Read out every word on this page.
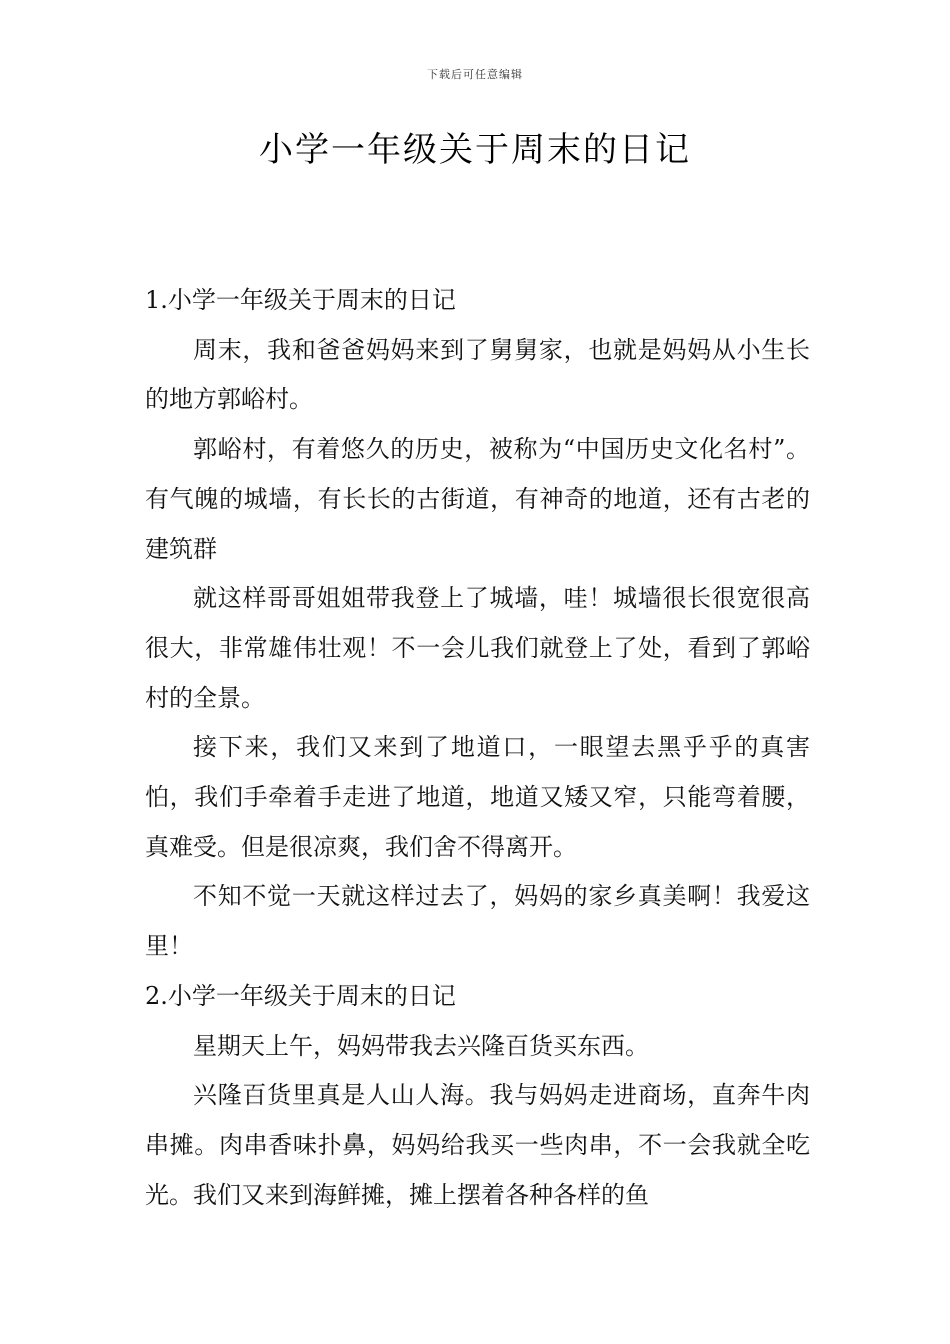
下载后可任意编辑
小学一年级关于周末的日记

1.小学一年级关于周末的日记

周末，我和爸爸妈妈来到了舅舅家，也就是妈妈从小生长的地方郭峪村。

郭峪村，有着悠久的历史，被称为“中国历史文化名村”。有气魄的城墙，有长长的古街道，有神奇的地道，还有古老的建筑群

就这样哥哥姐姐带我登上了城墙，哇！城墙很长很宽很高很大，非常雄伟壮观！不一会儿我们就登上了处，看到了郭峪村的全景。

接下来，我们又来到了地道口，一眼望去黑乎乎的真害怕，我们手牵着手走进了地道，地道又矮又窄，只能弯着腰，真难受。但是很凉爽，我们舍不得离开。

不知不觉一天就这样过去了，妈妈的家乡真美啊！我爱这里！

2.小学一年级关于周末的日记

星期天上午，妈妈带我去兴隆百货买东西。

兴隆百货里真是人山人海。我与妈妈走进商场，直奔牛肉串摊。肉串香味扑鼻，妈妈给我买一些肉串，不一会我就全吃光。我们又来到海鲜摊，摊上摆着各种各样的鱼
